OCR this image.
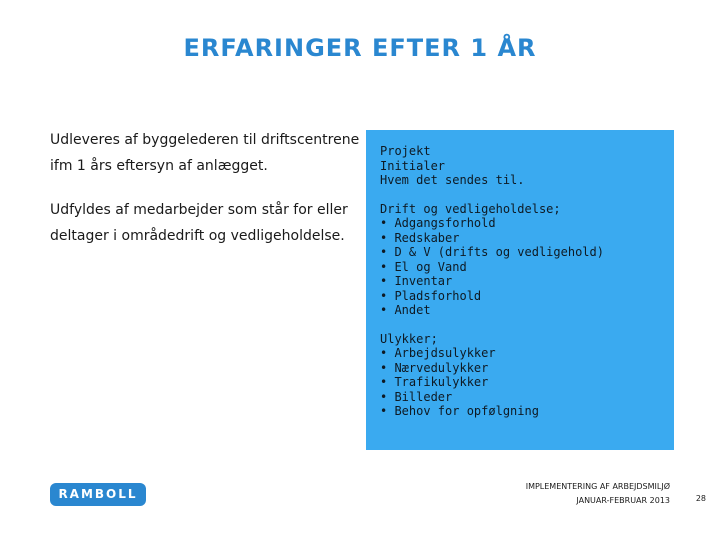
ERFARINGER EFTER 1 ÅR

Udleveres af byggelederen til driftscentrene ifm 1 års eftersyn af anlægget.

Udfyldes af medarbejder som står for eller deltager i områdedrift og vedligeholdelse.

Projekt
Initialer
Hvem det sendes til.
Drift og vedligeholdelse;
• Adgangsforhold
• Redskaber
• D & V (drifts og vedligehold)
• El og Vand
• Inventar
• Pladsforhold
• Andet
Ulykker;
• Arbejdsulykker
• Nærvedulykker
• Trafikulykker
• Billeder
• Behov for opfølgning
RAMBOLL
IMPLEMENTERING AF ARBEJDSMILJØ
JANUAR-FEBRUAR 2013	28
